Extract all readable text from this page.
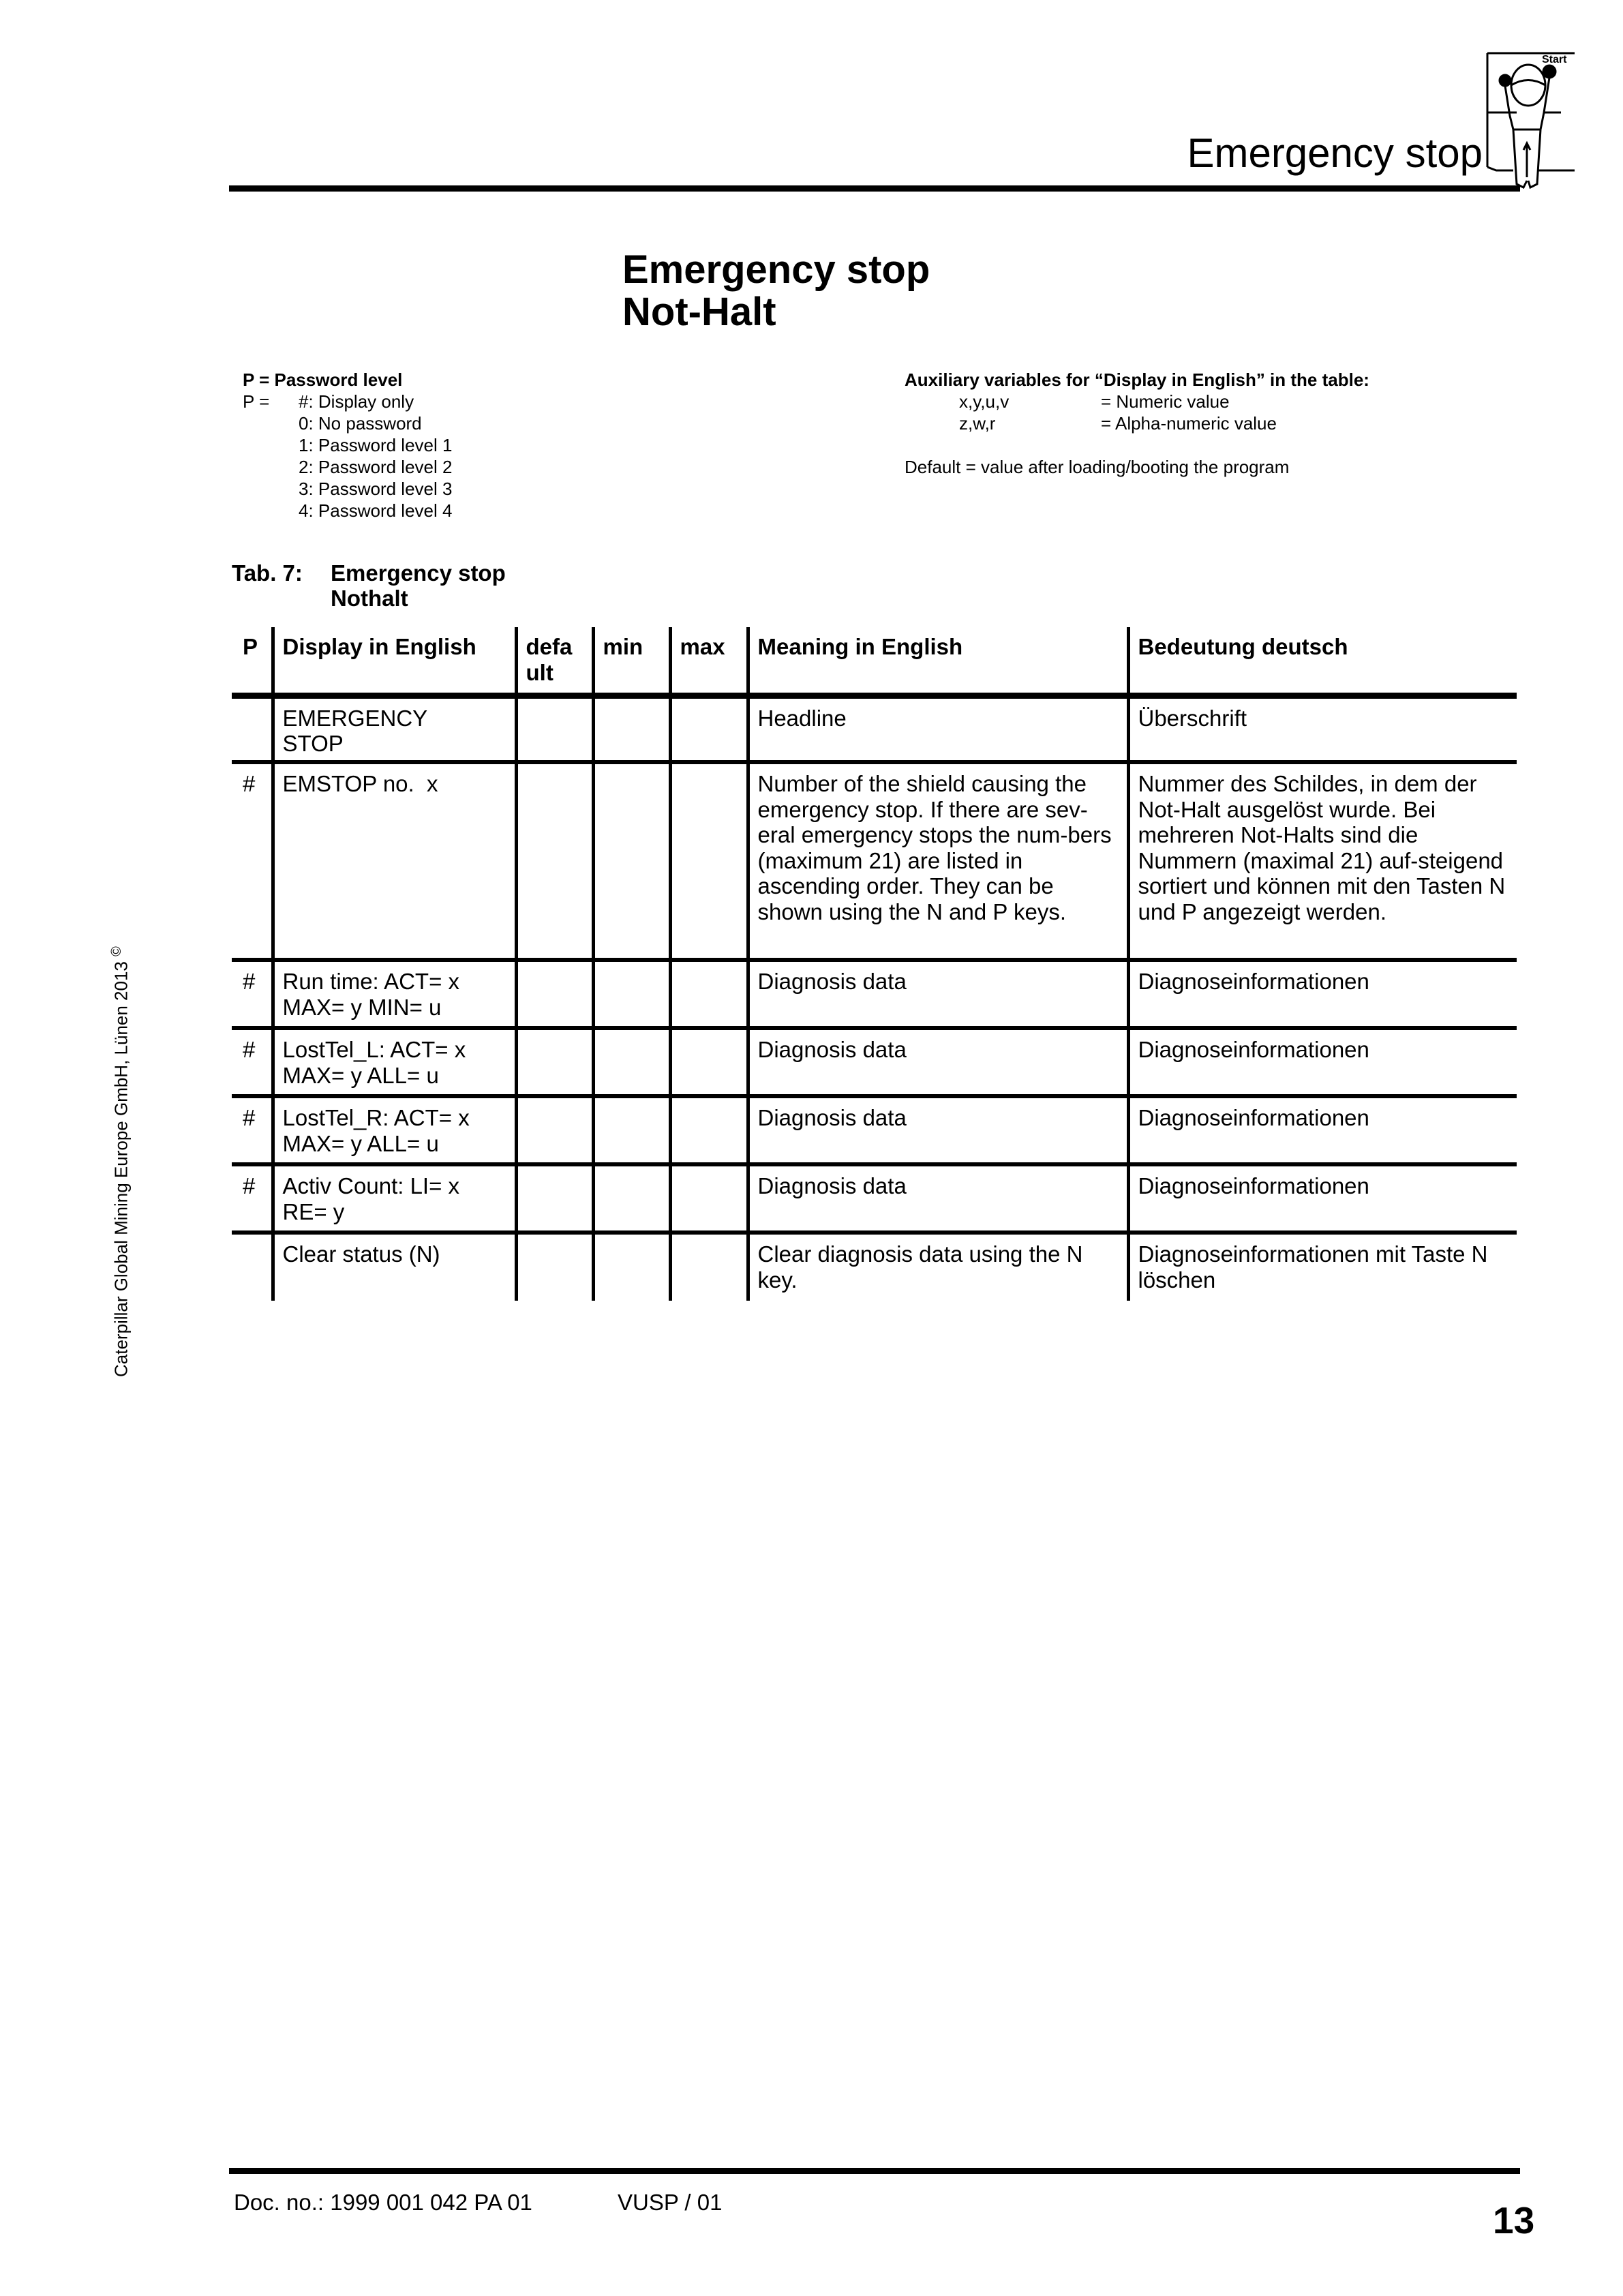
Emergency stop
Start
Emergency stop
Not-Halt
P = Password level
P =	#: Display only
0: No password
1: Password level 1
2: Password level 2
3: Password level 3
4: Password level 4
Auxiliary variables for “Display in English” in the table:
x,y,u,v	= Numeric value
z,w,r	= Alpha-numeric value
Default = value after loading/booting the program
Tab. 7:	Emergency stop
Nothalt
P	Display in English	defa ult	min	max	Meaning in English	Bedeutung deutsch

	EMERGENCY STOP				Headline	Überschrift
#	EMSTOP no.  x				Number of the shield causing the emergency stop. If there are sev-eral emergency stops the num-bers (maximum 21) are listed in ascending order. They can be shown using the N and P keys.	Nummer des Schildes, in dem der Not-Halt ausgelöst wurde. Bei mehreren Not-Halts sind die Nummern (maximal 21) auf-steigend sortiert und können mit den Tasten N und P angezeigt werden.
#	Run time: ACT= x MAX= y MIN= u				Diagnosis data	Diagnoseinformationen
#	LostTel_L: ACT= x MAX= y ALL= u				Diagnosis data	Diagnoseinformationen
#	LostTel_R: ACT= x MAX= y ALL= u				Diagnosis data	Diagnoseinformationen
#	Activ Count: LI= x RE= y				Diagnosis data	Diagnoseinformationen
	Clear status (N)				Clear diagnosis data using the N key.	Diagnoseinformationen mit Taste N löschen
Caterpillar Global Mining Europe GmbH, Lünen 2013 ©
Doc. no.: 1999 001 042 PA 01	VUSP / 01	13
